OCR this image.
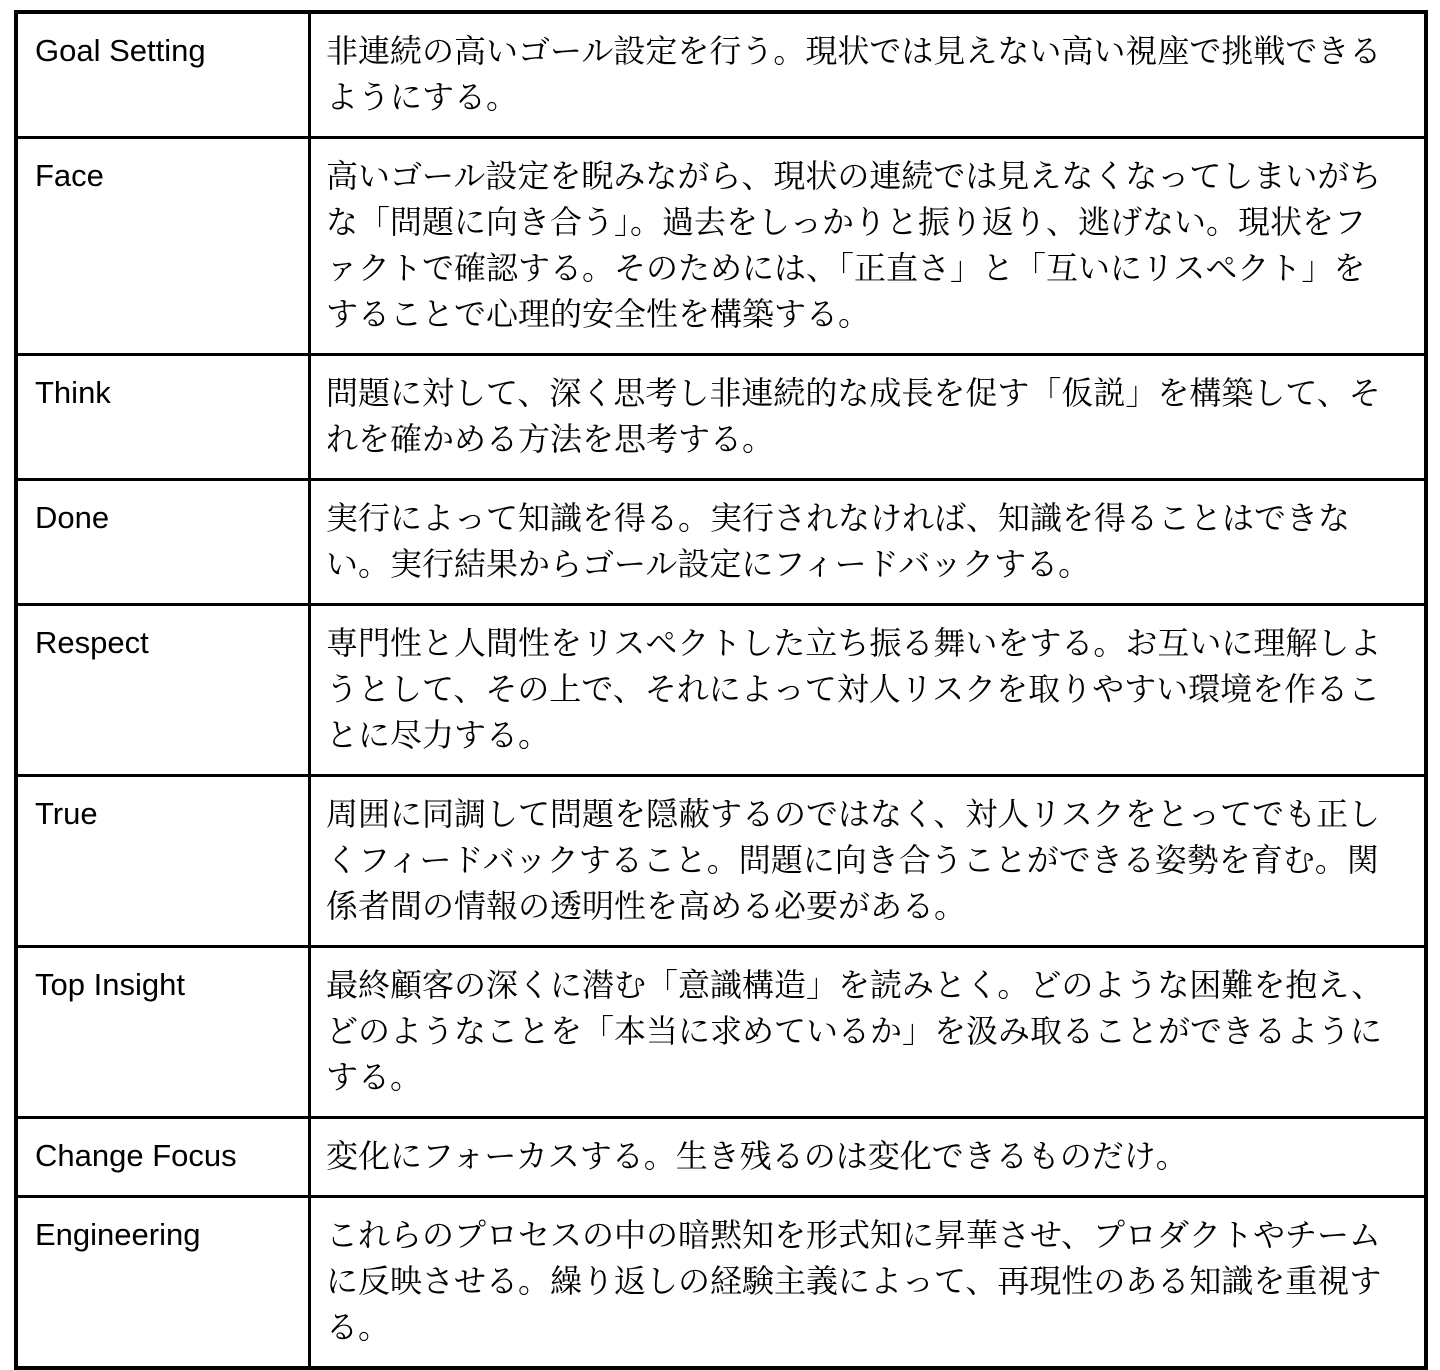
Goal Setting	非連続の高いゴール設定を行う。現状では見えない高い視座で挑戦できるようにする。
Face	高いゴール設定を睨みながら、現状の連続では見えなくなってしまいがちな「問題に向き合う」。過去をしっかりと振り返り、逃げない。現状をファクトで確認する。そのためには、「正直さ」と「互いにリスペクト」をすることで心理的安全性を構築する。
Think	問題に対して、深く思考し非連続的な成長を促す「仮説」を構築して、それを確かめる方法を思考する。
Done	実行によって知識を得る。実行されなければ、知識を得ることはできない。実行結果からゴール設定にフィードバックする。
Respect	専門性と人間性をリスペクトした立ち振る舞いをする。お互いに理解しようとして、その上で、それによって対人リスクを取りやすい環境を作ることに尽力する。
True	周囲に同調して問題を隠蔽するのではなく、対人リスクをとってでも正しくフィードバックすること。問題に向き合うことができる姿勢を育む。関係者間の情報の透明性を高める必要がある。
Top Insight	最終顧客の深くに潜む「意識構造」を読みとく。どのような困難を抱え、どのようなことを「本当に求めているか」を汲み取ることができるようにする。
Change Focus	変化にフォーカスする。生き残るのは変化できるものだけ。
Engineering	これらのプロセスの中の暗黙知を形式知に昇華させ、プロダクトやチームに反映させる。繰り返しの経験主義によって、再現性のある知識を重視する。
